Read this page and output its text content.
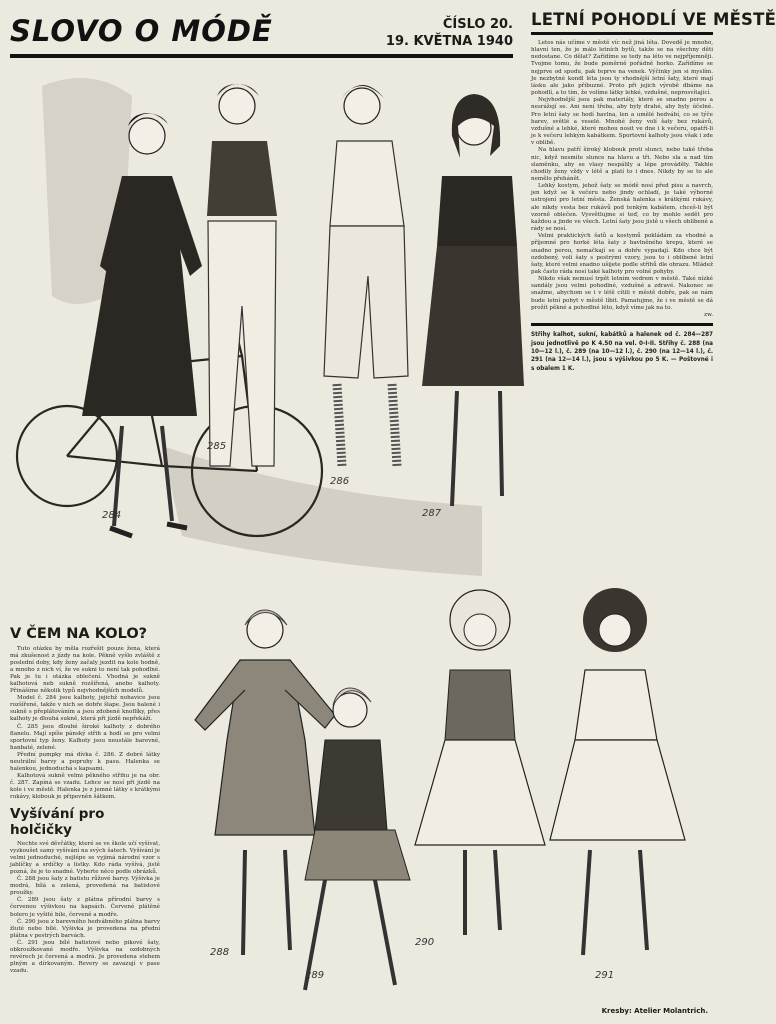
SLOVO O MÓDĚ	ČÍSLO 20.
19. KVĚTNA 1940
LETNÍ POHODLÍ VE MĚSTĚ

Letos nás učíme v městě víc než jiná léta. Dovedě je mnoho, hlavní ten, že je málo letních bytů, takže se na všechny děti nedostane. Co dělat? Zařídíme se tedy na léto ve nejpříjemněji. Tvojme tomu, že bude poměrně pořádně horko. Zařídíme se nejprve od spodu, pak teprve na venek. Výčinky jen si myslím. Je nezbytné kondl léta jsou ty vhodnější letní šaty, které mají lásku ale jako příbuzné. Proto při jejich výrobě dbáme na pohodlí, a to tím, že volíme látky lehké, vzdušné, neprosvítající.

Nejvhodnější jsou pak materiály, které se snadno perou a nesrážejí se. Ani není třeba, aby byly drahé, aby byly účelné. Pro letní šaty se hodí bavlna, len a umělé hedvábí, co se týče barev, světlé a veselé. Mnohé ženy volí šaty bez rukávů, vzdušné a lehké, které mohou nosit ve dne i k večeru, opatří-li je k večeru lehkým kabátkem. Sportovní kalhoty jsou však i zde v oblibě.

Na hlavu patří široký klobouk proti slunci, nebo také třeba nic, když nesmíte slunce na hlavu a tři. Nebo sla a nad tím slaměnku, aby se vlasy nespálily a lépe prováděly. Takhle chodily ženy vždy v létě a platí to i dnes. Nikdy by se to ale nemělo přehánět.

Lehký kostym, jehož šaty se módě nosí před pisu a navrch, jen když se k večeru nebo jindy ochladí, je také výborné ustrojení pro letní města. Ženská halenka s krátkými rukávy, ale nikdy vesta bez rukávů pod tenkým kabátem, chceš-li být vzorně oblečen. Vysvětlujme si teď, co by mohlo sedět pro každou a jinde ve všech. Letní šaty jsou jistě u všech oblíbené a rády se nosí.

Velmi praktických šatů a kostymů pokládám za vhodné a příjemné pro horké léta šaty z bavlněného krepu, které se snadno perou, nemačkají se a dobře vypadají. Kdo chce být ozdobený, volí šaty s pestrými vzory, jsou to i oblíbené letní šaty, které velmi snadno ušijete podle střihů dle obrazu. Mládež pak často ráda nosí také kalhoty pro volné pohyby.

Nikdo však nemusí trpět letním vedrem v městě. Také nízké sandály jsou velmi pohodlné, vzdušné a zdravé. Nakonec se snažme, abychom se i v létě cítili v městě dobře, pak se nám bude letní pobyt v městě líbit. Pamatujme, že i ve městě se dá prožít pěkné a pohodlné léto, když víme jak na to.

zw.
Střihy kalhot, sukní, kabátků a halenek od č. 284—287 jsou jednotlivě po K 4.50 na vel. 0-I-II. Střihy č. 288 (na 10—12 l.), č. 289 (na 10—12 l.), č. 290 (na 12—14 l.), č. 291 (na 12—14 l.), jsou s výšivkou po 5 K. — Poštovné i s obalem 1 K.
285
286
284	287
V ČEM NA KOLO?

Tuto otázku by měla rozřešit pouze žena, která má zkušenost z jízdy na kole. Pěkně vyšlo zvláště z poslední doby, kdy ženy začaly jezdit na kole hodně, a mnoho z nich ví, že ve sukni to není tak pohodlné. Pak je tu i otázka oblečení. Vhodná je sukně kalhotová neb sukně rozšířená, anebo kalhoty. Přinášíme několik typů nejvhodnějších modelů.

Model č. 284 jsou kalhoty, jejichž nohavice jsou rozšířené, takže v nich se dobře šlape. Jsou halené i sukně s přeplátováním a jsou zdobené knoflíky, přes kalhoty je dlouhá sukně, která při jízdě nepřekáží.

Č. 285 jsou dlouhé široké kalhoty z dobrého flanelu. Mají spíše pánský střih a hodí se pro velmi sportovní typ ženy. Kalhoty jsou neustále barevné, hanbaté, zelené.

Přední pumpky má dívka č. 286. Z dobré látky neutrální barvy a popruhy k pasu. Halenka se halenkou, jednoduchá s kapsami.

Kalhotová sukně velmi pěkného střihu je na obr. č. 287. Zapíná se vzadu. Lehce se nosí při jízdě na kole i ve městě. Halenka je z jemné látky s krátkými rukávy, klobouk je připevněn šátkem.

Vyšívání pro holčičky

Nechte své děvčátky, které se ve škole učí vyšívat, vyzkoušet samy vyšívání na svých šatech. Vyšívání je velmi jednoduché, nejlépe se vyjímá národní vzor s jablíčky a srdíčky a lístky. Kdo ráda vyšívá, jistě pozná, že je to snadné. Vyberte něco podle obrázků.

Č. 288 jsou šaty z batistu růžové barvy. Výšivka je modrá, bílá a zelená, provedená na batistové proužky.

Č. 289 jsou šaty z plátna přírodní barvy s červenou výšivkou na kapsách. Červené plátěné bolero je vyšité bíle, červeně a modře.

Č. 290 jsou z barevného hedvábného plátna barvy žluté nebo bílé. Výšivka je provedena na přední plátna v pestrých barvách.

Č. 291 jsou bílé batistové nebo pikové šaty, obkroužkované modře. Výšivka na ozdobných revérech je červená a modrá. Je provedena stehem plným a dírkovaným. Revery se zavazují v pase vzadu.

288
289
290
291
Kresby: Atelier Molantrich.
